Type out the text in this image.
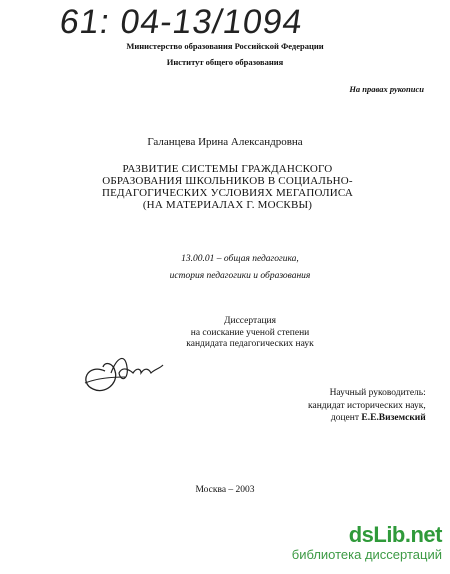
61: 04-13/1094
Министерство образования Российской Федерации
Институт общего образования
На правах рукописи
Галанцева Ирина Александровна
РАЗВИТИЕ СИСТЕМЫ ГРАЖДАНСКОГО
ОБРАЗОВАНИЯ ШКОЛЬНИКОВ В СОЦИАЛЬНО-
ПЕДАГОГИЧЕСКИХ УСЛОВИЯХ МЕГАПОЛИСА
(НА МАТЕРИАЛАХ Г. МОСКВЫ)
13.00.01 – общая педагогика,
история педагогики и образования
Диссертация
на соискание ученой степени
кандидата педагогических наук
Научный руководитель:
кандидат исторических наук,
доцент Е.Е.Виземский
Москва – 2003
dsLib.net
библиотека диссертаций
